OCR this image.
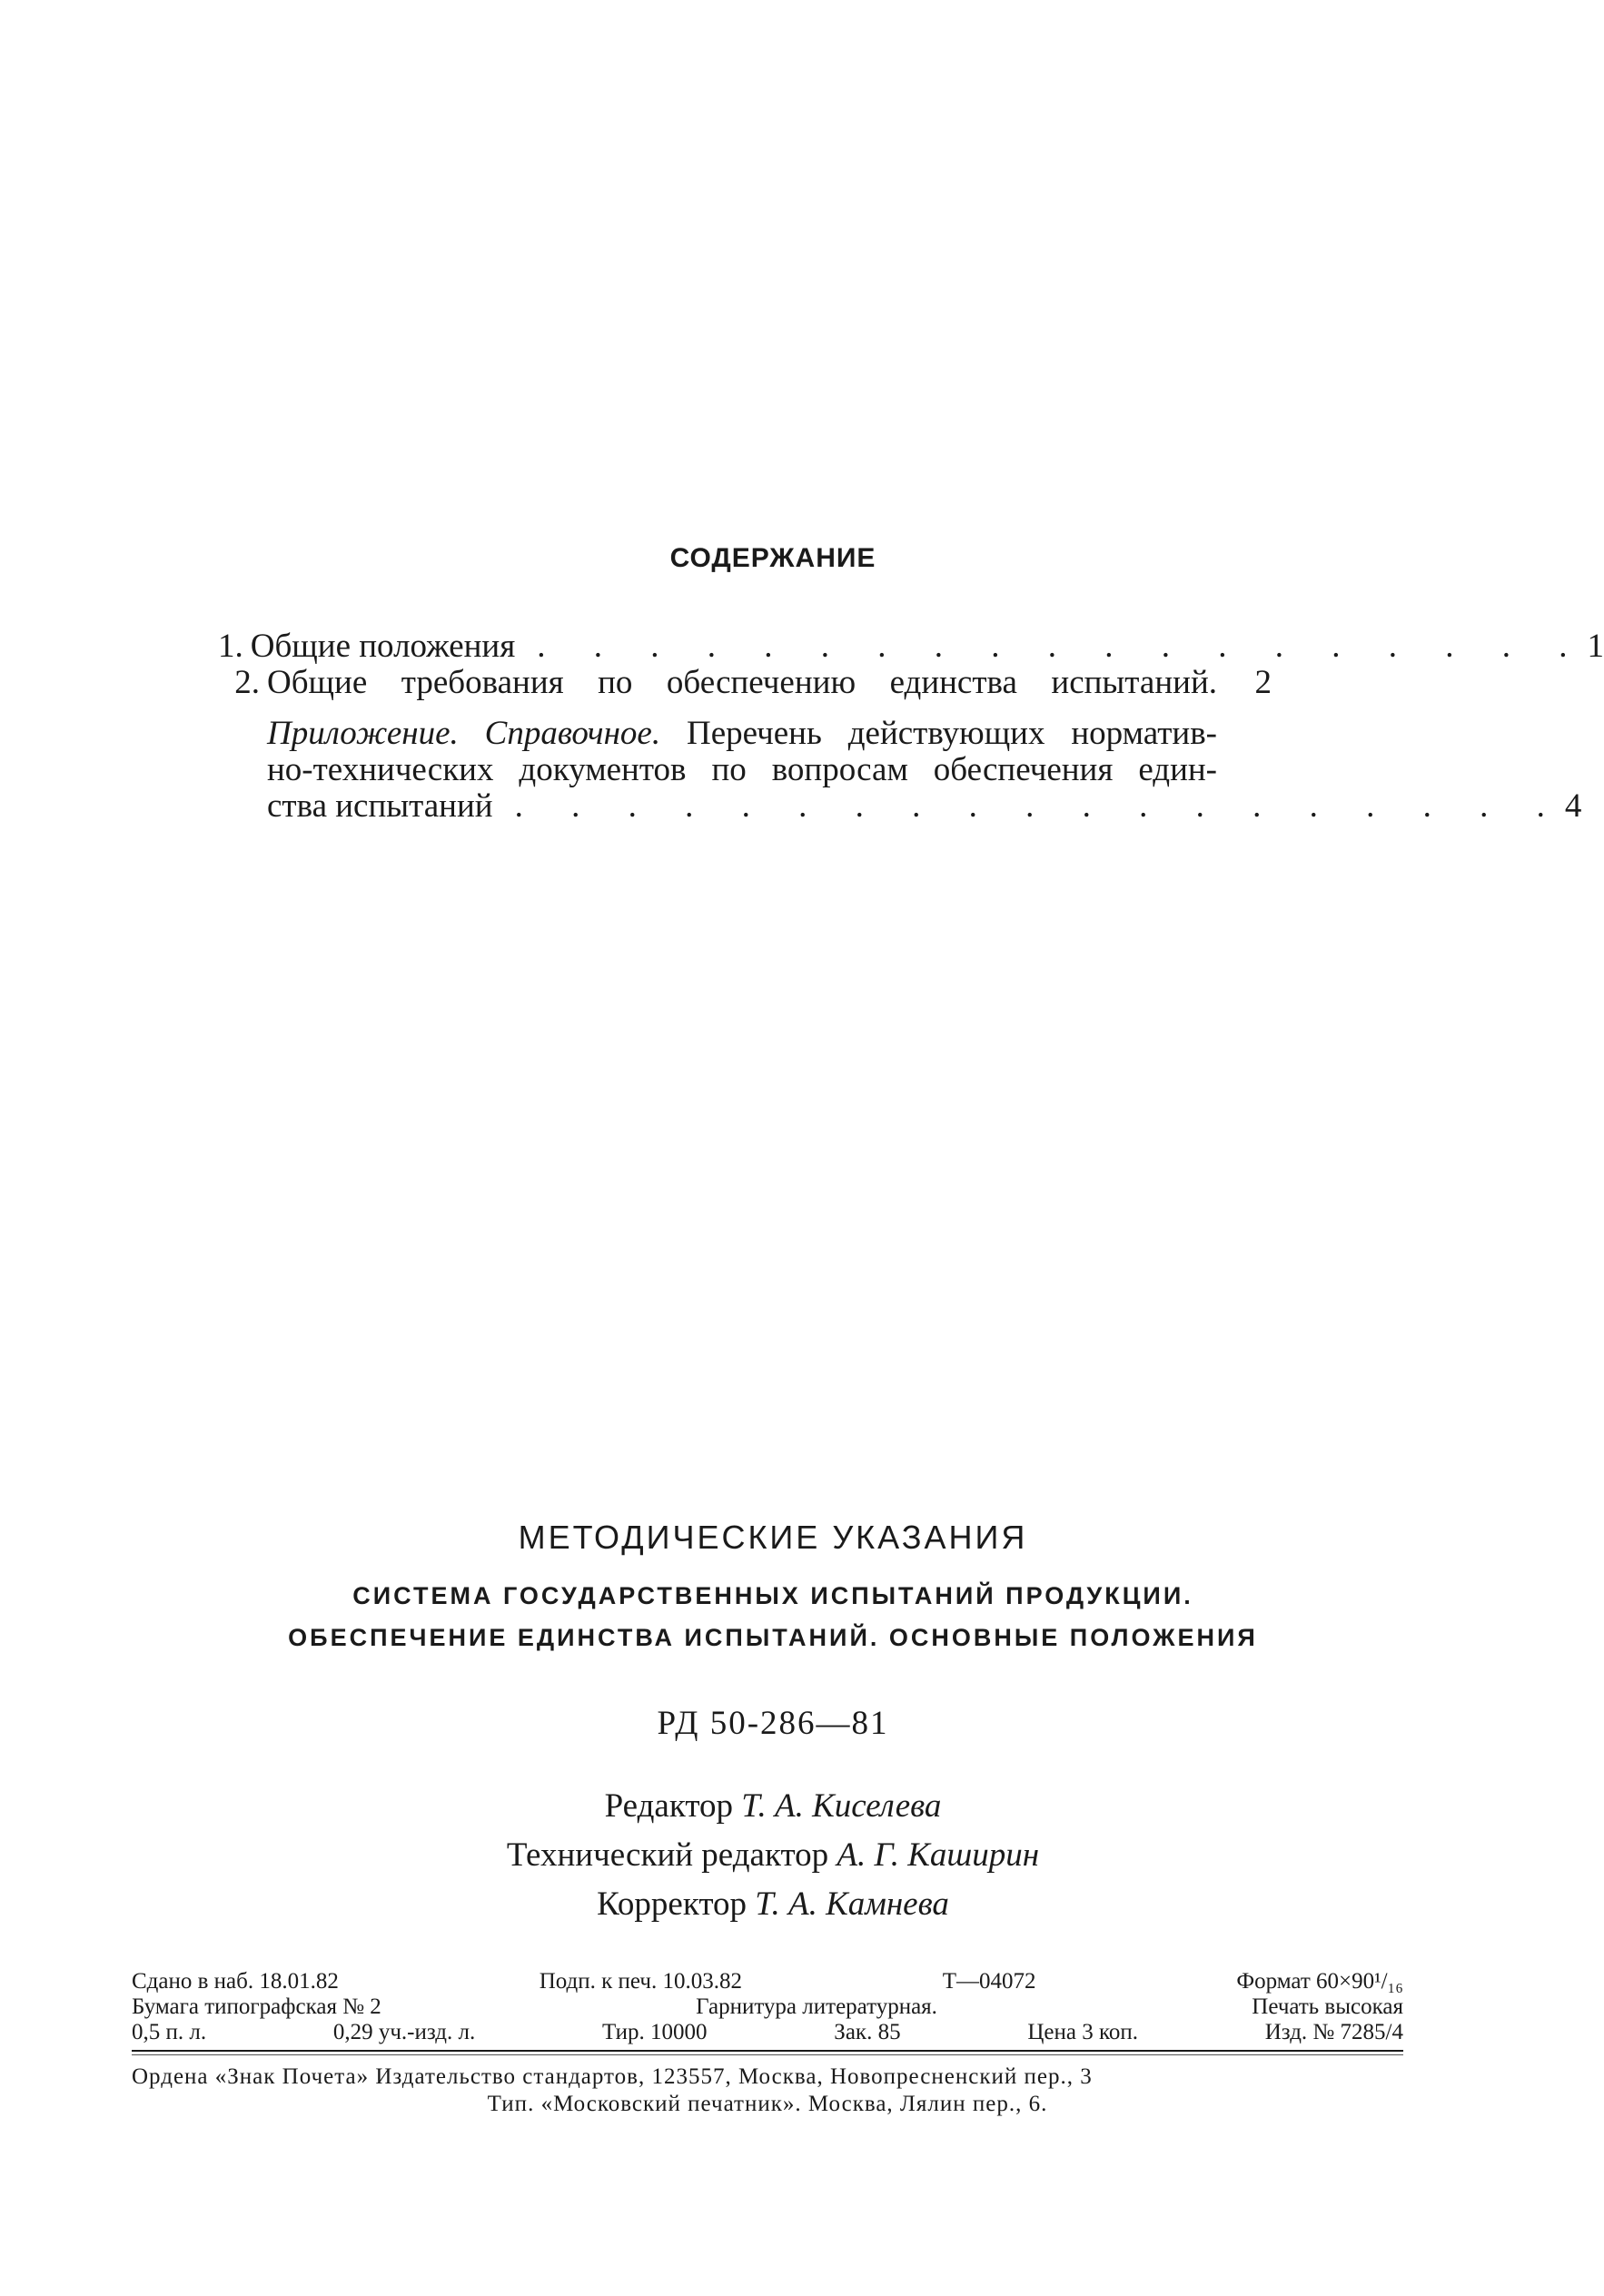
СОДЕРЖАНИЕ
1. Общие положения . . . . . . . . . . . . . . . . . . . 1
2. Общие требования по обеспечению единства испытаний.	2
Приложение. Справочное. Перечень действующих норматив-
но-технических документов по вопросам обеспечения един-
ства испытаний . . . . . . . . . . . . . . . . . . . 4
МЕТОДИЧЕСКИЕ УКАЗАНИЯ
СИСТЕМА ГОСУДАРСТВЕННЫХ ИСПЫТАНИЙ ПРОДУКЦИИ.
ОБЕСПЕЧЕНИЕ ЕДИНСТВА ИСПЫТАНИЙ. ОСНОВНЫЕ ПОЛОЖЕНИЯ
РД 50-286—81
Редактор Т. А. Киселева
Технический редактор А. Г. Каширин
Корректор Т. А. Камнева
Сдано в наб. 18.01.82	Подп. к печ. 10.03.82	Т—04072	Формат 60×90¹/₁₆
Бумага типографская № 2	Гарнитура литературная.	Печать высокая
0,5 п. л.	0,29 уч.-изд. л.	Тир. 10000	Зак. 85	Цена 3 коп.	Изд. № 7285/4
Ордена «Знак Почета» Издательство стандартов, 123557, Москва, Новопресненский пер., 3
Тип. «Московский печатник». Москва, Лялин пер., 6.
